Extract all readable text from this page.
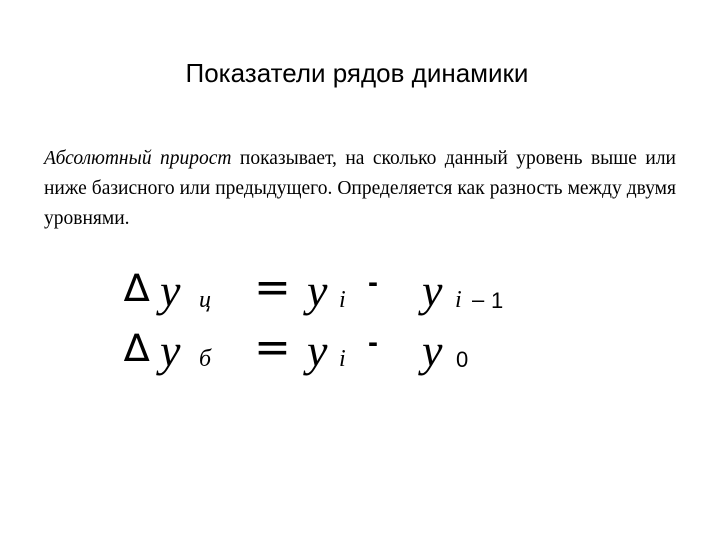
Показатели рядов динамики
Абсолютный прирост показывает, на сколько данный уровень выше или ниже базисного или предыдущего. Определяется как разность между двумя уровнями.
∆ y ц = y i
- y i – 1
∆ y б = y i - y 0
